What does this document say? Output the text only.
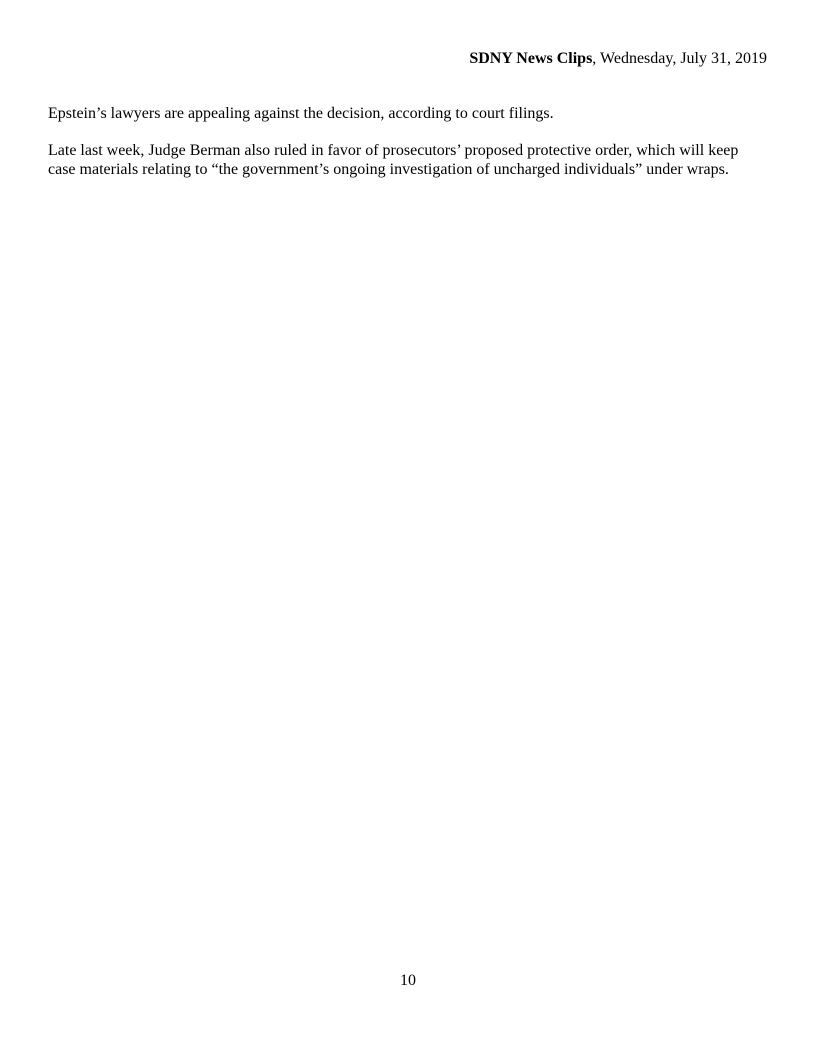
SDNY News Clips, Wednesday, July 31, 2019

Epstein’s lawyers are appealing against the decision, according to court filings.

Late last week, Judge Berman also ruled in favor of prosecutors’ proposed protective order, which will keep case materials relating to “the government’s ongoing investigation of uncharged individuals” under wraps.

10
